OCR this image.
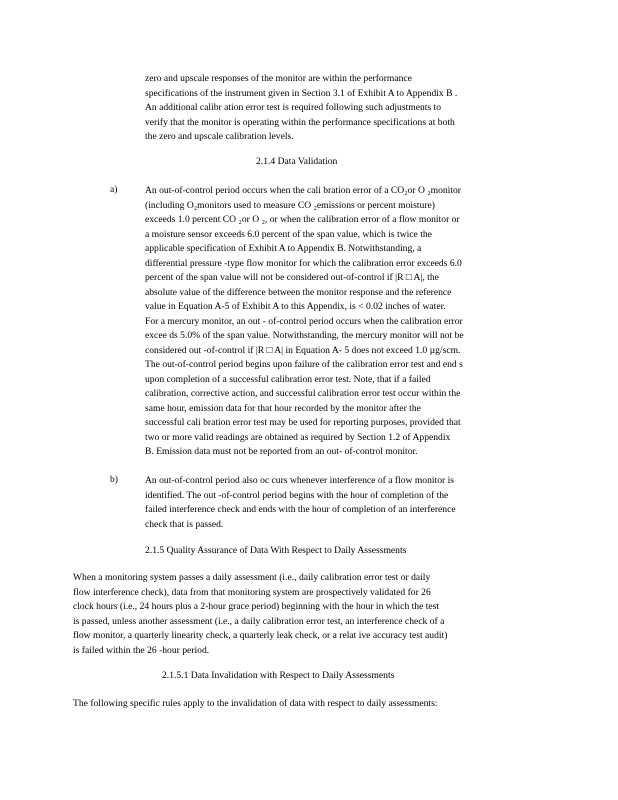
zero and upscale responses of the monitor are within the performance
specifications of the instrument given in Section 3.1 of Exhibit A to Appendix B .
An additional calibr ation error test is required following such adjustments to
verify that the monitor is operating within the performance specifications at both
the zero and upscale calibration levels.
2.1.4 Data Validation
a)	An out-of-control period occurs when the cali bration error of a CO₂or O ₂monitor
(including O₂monitors used to measure CO ₂emissions or percent moisture)
exceeds 1.0 percent CO ₂or O ₂, or when the calibration error of a flow monitor or
a moisture sensor exceeds 6.0 percent of the span value, which is twice the
applicable specification of Exhibit A to Appendix B. Notwithstanding, a
differential pressure -type flow monitor for which the calibration error exceeds 6.0
percent of the span value will not be considered out-of-control if |R □ A|, the
absolute value of the difference between the monitor response and the reference
value in Equation A-5 of Exhibit A to this Appendix, is < 0.02 inches of water.
For a mercury monitor, an out - of-control period occurs when the calibration error
excee ds 5.0% of the span value. Notwithstanding, the mercury monitor will not be
considered out -of-control if |R □ A| in Equation A- 5 does not exceed 1.0 µg/scm.
The out-of-control period begins upon failure of the calibration error test and end s
upon completion of a successful calibration error test. Note, that if a failed
calibration, corrective action, and successful calibration error test occur within the
same hour, emission data for that hour recorded by the monitor after the
successful cali bration error test may be used for reporting purposes, provided that
two or more valid readings are obtained as required by Section 1.2 of Appendix
B. Emission data must not be reported from an out- of-control monitor.
b)	An out-of-control period also oc curs whenever interference of a flow monitor is
identified. The out -of-control period begins with the hour of completion of the
failed interference check and ends with the hour of completion of an interference
check that is passed.
2.1.5 Quality Assurance of Data With Respect to Daily Assessments
When a monitoring system passes a daily assessment (i.e., daily calibration error test or daily
flow interference check), data from that monitoring system are prospectively validated for 26
clock hours (i.e., 24 hours plus a 2-hour grace period) beginning with the hour in which the test
is passed, unless another assessment (i.e., a daily calibration error test, an interference check of a
flow monitor, a quarterly linearity check, a quarterly leak check, or a relat ive accuracy test audit)
is failed within the 26 -hour period.
2.1.5.1 Data Invalidation with Respect to Daily Assessments
The following specific rules apply to the invalidation of data with respect to daily assessments:
